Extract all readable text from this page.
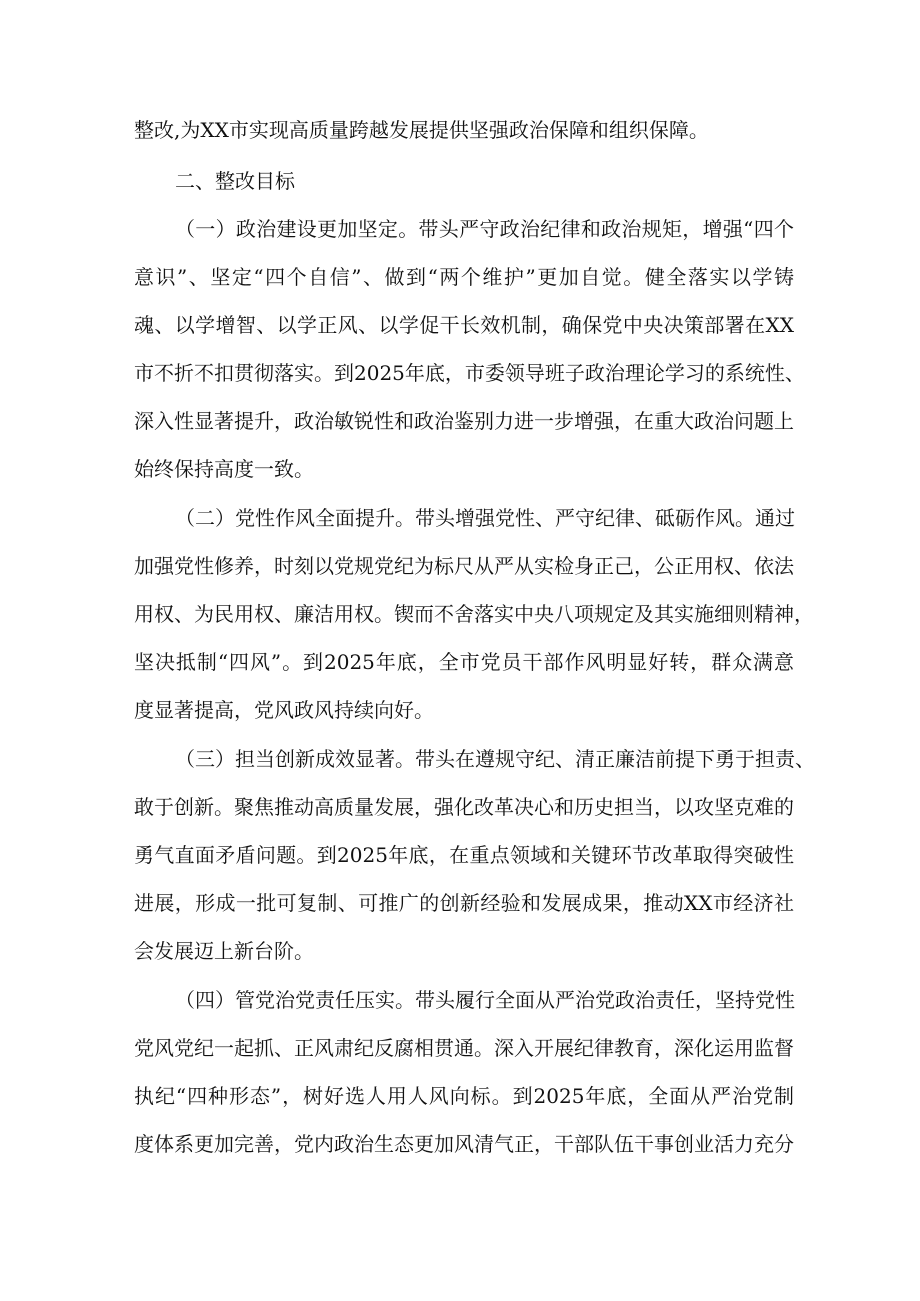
整改,为XX市实现高质量跨越发展提供坚强政治保障和组织保障。
二、整改目标
（一）政治建设更加坚定。带头严守政治纪律和政治规矩，增强“四个
意识”、坚定“四个自信”、做到“两个维护”更加自觉。健全落实以学铸
魂、以学增智、以学正风、以学促干长效机制，确保党中央决策部署在XX
市不折不扣贯彻落实。到2025年底，市委领导班子政治理论学习的系统性、
深入性显著提升，政治敏锐性和政治鉴别力进一步增强，在重大政治问题上
始终保持高度一致。
（二）党性作风全面提升。带头增强党性、严守纪律、砥砺作风。通过
加强党性修养，时刻以党规党纪为标尺从严从实检身正己，公正用权、依法
用权、为民用权、廉洁用权。锲而不舍落实中央八项规定及其实施细则精神，
坚决抵制“四风”。到2025年底，全市党员干部作风明显好转，群众满意
度显著提高，党风政风持续向好。
（三）担当创新成效显著。带头在遵规守纪、清正廉洁前提下勇于担责、
敢于创新。聚焦推动高质量发展，强化改革决心和历史担当，以攻坚克难的
勇气直面矛盾问题。到2025年底，在重点领域和关键环节改革取得突破性
进展，形成一批可复制、可推广的创新经验和发展成果，推动XX市经济社
会发展迈上新台阶。
（四）管党治党责任压实。带头履行全面从严治党政治责任，坚持党性
党风党纪一起抓、正风肃纪反腐相贯通。深入开展纪律教育，深化运用监督
执纪“四种形态”，树好选人用人风向标。到2025年底，全面从严治党制
度体系更加完善，党内政治生态更加风清气正，干部队伍干事创业活力充分
